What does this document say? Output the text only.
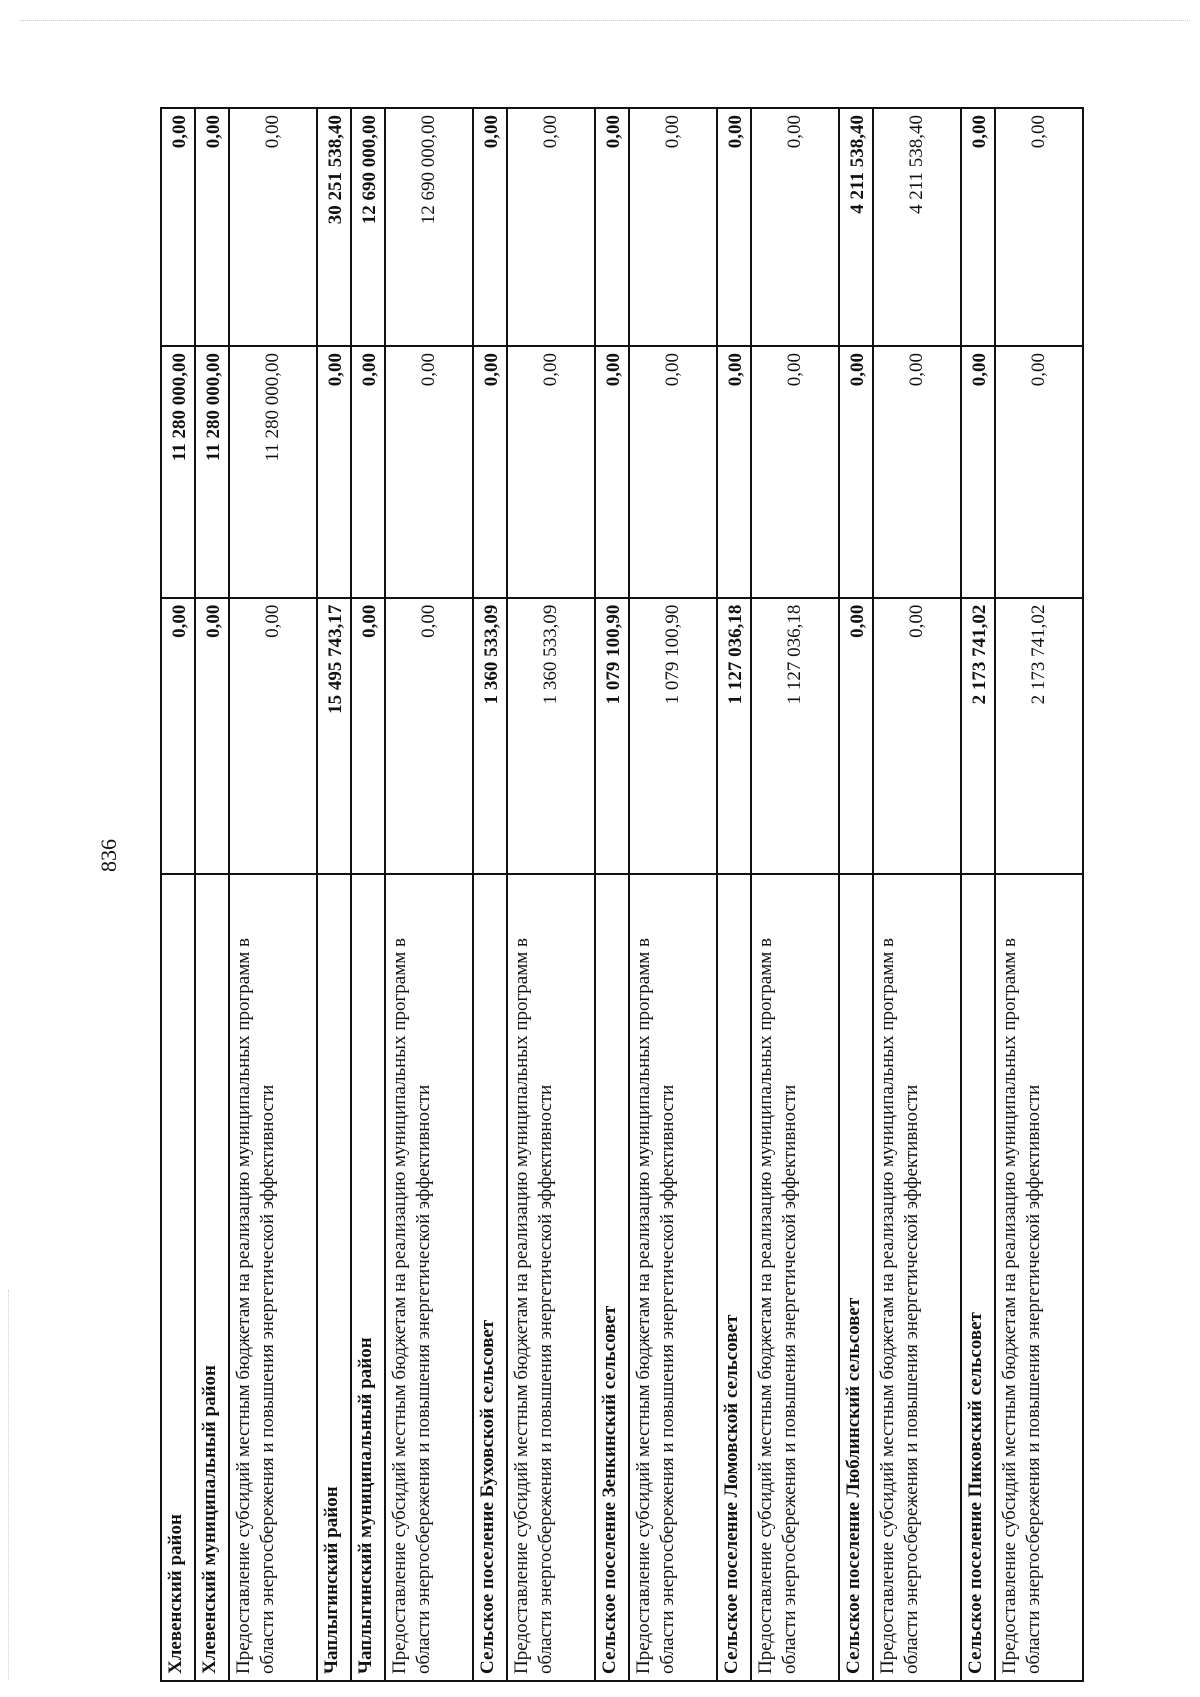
836
Хлевенский район	0,00	11 280 000,00	0,00
Хлевенский муниципальный район	0,00	11 280 000,00	0,00
Предоставление субсидий местным бюджетам на реализацию муниципальных программ в области энергосбережения и повышения энергетической эффективности	0,00	11 280 000,00	0,00
Чаплыгинский район	15 495 743,17	0,00	30 251 538,40
Чаплыгинский муниципальный район	0,00	0,00	12 690 000,00
Предоставление субсидий местным бюджетам на реализацию муниципальных программ в области энергосбережения и повышения энергетической эффективности	0,00	0,00	12 690 000,00
Сельское поселение Буховской сельсовет	1 360 533,09	0,00	0,00
Предоставление субсидий местным бюджетам на реализацию муниципальных программ в области энергосбережения и повышения энергетической эффективности	1 360 533,09	0,00	0,00
Сельское поселение Зенкинский сельсовет	1 079 100,90	0,00	0,00
Предоставление субсидий местным бюджетам на реализацию муниципальных программ в области энергосбережения и повышения энергетической эффективности	1 079 100,90	0,00	0,00
Сельское поселение Ломовской сельсовет	1 127 036,18	0,00	0,00
Предоставление субсидий местным бюджетам на реализацию муниципальных программ в области энергосбережения и повышения энергетической эффективности	1 127 036,18	0,00	0,00
Сельское поселение Люблинский сельсовет	0,00	0,00	4 211 538,40
Предоставление субсидий местным бюджетам на реализацию муниципальных программ в области энергосбережения и повышения энергетической эффективности	0,00	0,00	4 211 538,40
Сельское поселение Пиковский сельсовет	2 173 741,02	0,00	0,00
Предоставление субсидий местным бюджетам на реализацию муниципальных программ в области энергосбережения и повышения энергетической эффективности	2 173 741,02	0,00	0,00
